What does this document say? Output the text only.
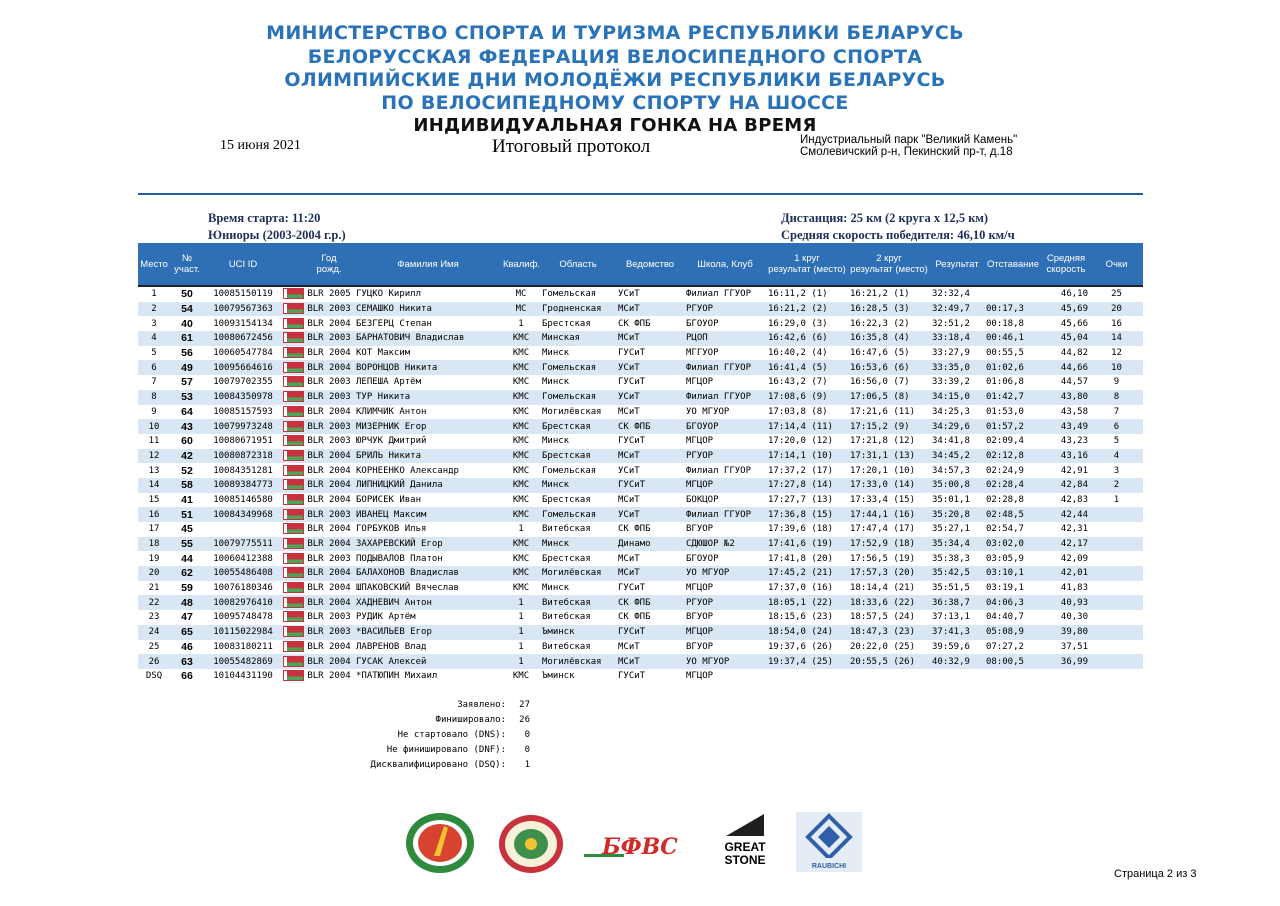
МИНИСТЕРСТВО СПОРТА И ТУРИЗМА РЕСПУБЛИКИ БЕЛАРУСЬ
БЕЛОРУССКАЯ ФЕДЕРАЦИЯ ВЕЛОСИПЕДНОГО СПОРТА
ОЛИМПИЙСКИЕ ДНИ МОЛОДЁЖИ РЕСПУБЛИКИ БЕЛАРУСЬ
ПО ВЕЛОСИПЕДНОМУ СПОРТУ НА ШОССЕ
ИНДИВИДУАЛЬНАЯ ГОНКА НА ВРЕМЯ
15 июня 2021	Итоговый протокол	Индустриальный парк "Великий Камень"
Смолевичский р-н, Пекинский пр-т, д.18
Время старта: 11:20
Юниоры (2003-2004 г.р.)
Дистанция: 25 км (2 круга х 12,5 км)
Средняя скорость победителя: 46,10 км/ч
Место	№
участ.	UCI ID		Год
рожд.	Фамилия Имя	Квалиф.	Область	Ведомство	Школа, Клуб	1 круг
результат (место)	2 круг
результат (место)	Результат	Отставание	Средняя
скорость	Очки
1	50	10085150119		BLR 2005	ГУЦКО Кирилл	МС	Гомельская	УСиТ	Филиал ГГУОР	16:11,2 (1)	16:21,2 (1)	32:32,4		46,10	25
2	54	10079567363		BLR 2003	СЕМАШКО Никита	МС	Гродненская	МСиТ	РГУОР	16:21,2 (2)	16:28,5 (3)	32:49,7	00:17,3	45,69	20
3	40	10093154134		BLR 2004	БЕЗГЕРЦ Степан	1	Брестская	СК ФПБ	БГОУОР	16:29,0 (3)	16:22,3 (2)	32:51,2	00:18,8	45,66	16
4	61	10080672456		BLR 2003	БАРНАТОВИЧ Владислав	КМС	Минская	МСиТ	РЦОП	16:42,6 (6)	16:35,8 (4)	33:18,4	00:46,1	45,04	14
5	56	10060547784		BLR 2004	КОТ Максим	КМС	Минск	ГУСиТ	МГГУОР	16:40,2 (4)	16:47,6 (5)	33:27,9	00:55,5	44,82	12
6	49	10095664616		BLR 2004	ВОРОНЦОВ Никита	КМС	Гомельская	УСиТ	Филиал ГГУОР	16:41,4 (5)	16:53,6 (6)	33:35,0	01:02,6	44,66	10
7	57	10079702355		BLR 2003	ЛЕПЕША Артём	КМС	Минск	ГУСиТ	МГЦОР	16:43,2 (7)	16:56,0 (7)	33:39,2	01:06,8	44,57	9
8	53	10084350978		BLR 2003	ТУР Никита	КМС	Гомельская	УСиТ	Филиал ГГУОР	17:08,6 (9)	17:06,5 (8)	34:15,0	01:42,7	43,80	8
9	64	10085157593		BLR 2004	КЛИМЧИК Антон	КМС	Могилёвская	МСиТ	УО МГУОР	17:03,8 (8)	17:21,6 (11)	34:25,3	01:53,0	43,58	7
10	43	10079973248		BLR 2003	МИЗЕРНИК Егор	КМС	Брестская	СК ФПБ	БГОУОР	17:14,4 (11)	17:15,2 (9)	34:29,6	01:57,2	43,49	6
11	60	10080671951		BLR 2003	ЮРЧУК Дмитрий	КМС	Минск	ГУСиТ	МГЦОР	17:20,0 (12)	17:21,8 (12)	34:41,8	02:09,4	43,23	5
12	42	10080872318		BLR 2004	БРИЛЬ Никита	КМС	Брестская	МСиТ	РГУОР	17:14,1 (10)	17:31,1 (13)	34:45,2	02:12,8	43,16	4
13	52	10084351281		BLR 2004	КОРНЕЕНКО Александр	КМС	Гомельская	УСиТ	Филиал ГГУОР	17:37,2 (17)	17:20,1 (10)	34:57,3	02:24,9	42,91	3
14	58	10089384773		BLR 2004	ЛИПНИЦКИЙ Данила	КМС	Минск	ГУСиТ	МГЦОР	17:27,8 (14)	17:33,0 (14)	35:00,8	02:28,4	42,84	2
15	41	10085146580		BLR 2004	БОРИСЕК Иван	КМС	Брестская	МСиТ	БОКЦОР	17:27,7 (13)	17:33,4 (15)	35:01,1	02:28,8	42,83	1
16	51	10084349968		BLR 2003	ИВАНЕЦ Максим	КМС	Гомельская	УСиТ	Филиал ГГУОР	17:36,8 (15)	17:44,1 (16)	35:20,8	02:48,5	42,44	
17	45			BLR 2004	ГОРБУКОВ Илья	1	Витебская	СК ФПБ	ВГУОР	17:39,6 (18)	17:47,4 (17)	35:27,1	02:54,7	42,31	
18	55	10079775511		BLR 2004	ЗАХАРЕВСКИЙ Егор	КМС	Минск	Динамо	СДЮШОР №2	17:41,6 (19)	17:52,9 (18)	35:34,4	03:02,0	42,17	
19	44	10060412388		BLR 2003	ПОДЫВАЛОВ Платон	КМС	Брестская	МСиТ	БГОУОР	17:41,8 (20)	17:56,5 (19)	35:38,3	03:05,9	42,09	
20	62	10055486408		BLR 2004	БАЛАХОНОВ Владислав	КМС	Могилёвская	МСиТ	УО МГУОР	17:45,2 (21)	17:57,3 (20)	35:42,5	03:10,1	42,01	
21	59	10076180346		BLR 2004	ШПАКОВСКИЙ Вячеслав	КМС	Минск	ГУСиТ	МГЦОР	17:37,0 (16)	18:14,4 (21)	35:51,5	03:19,1	41,83	
22	48	10082976410		BLR 2004	ХАДНЕВИЧ Антон	1	Витебская	СК ФПБ	РГУОР	18:05,1 (22)	18:33,6 (22)	36:38,7	04:06,3	40,93	
23	47	10095748478		BLR 2003	РУДИК Артём	1	Витебская	СК ФПБ	ВГУОР	18:15,6 (23)	18:57,5 (24)	37:13,1	04:40,7	40,30	
24	65	10115022984		BLR 2003	*ВАСИЛЬЕВ Егор	1	Ъминск	ГУСиТ	МГЦОР	18:54,0 (24)	18:47,3 (23)	37:41,3	05:08,9	39,80	
25	46	10083180211		BLR 2004	ЛАВРЕНОВ Влад	1	Витебская	МСиТ	ВГУОР	19:37,6 (26)	20:22,0 (25)	39:59,6	07:27,2	37,51	
26	63	10055482869		BLR 2004	ГУСАК Алексей	1	Могилёвская	МСиТ	УО МГУОР	19:37,4 (25)	20:55,5 (26)	40:32,9	08:00,5	36,99	
DSQ	66	10104431190		BLR 2004	*ПАТЮПИН Михаил	КМС	Ъминск	ГУСиТ	МГЦОР						
Заявлено:	27
Финишировало:	26
Не стартовало (DNS):	0
Не финишировало (DNF):	0
Дисквалифицировано (DSQ):	1
БФВС	GREAT
STONE	RAUBICHI
Страница 2 из 3
